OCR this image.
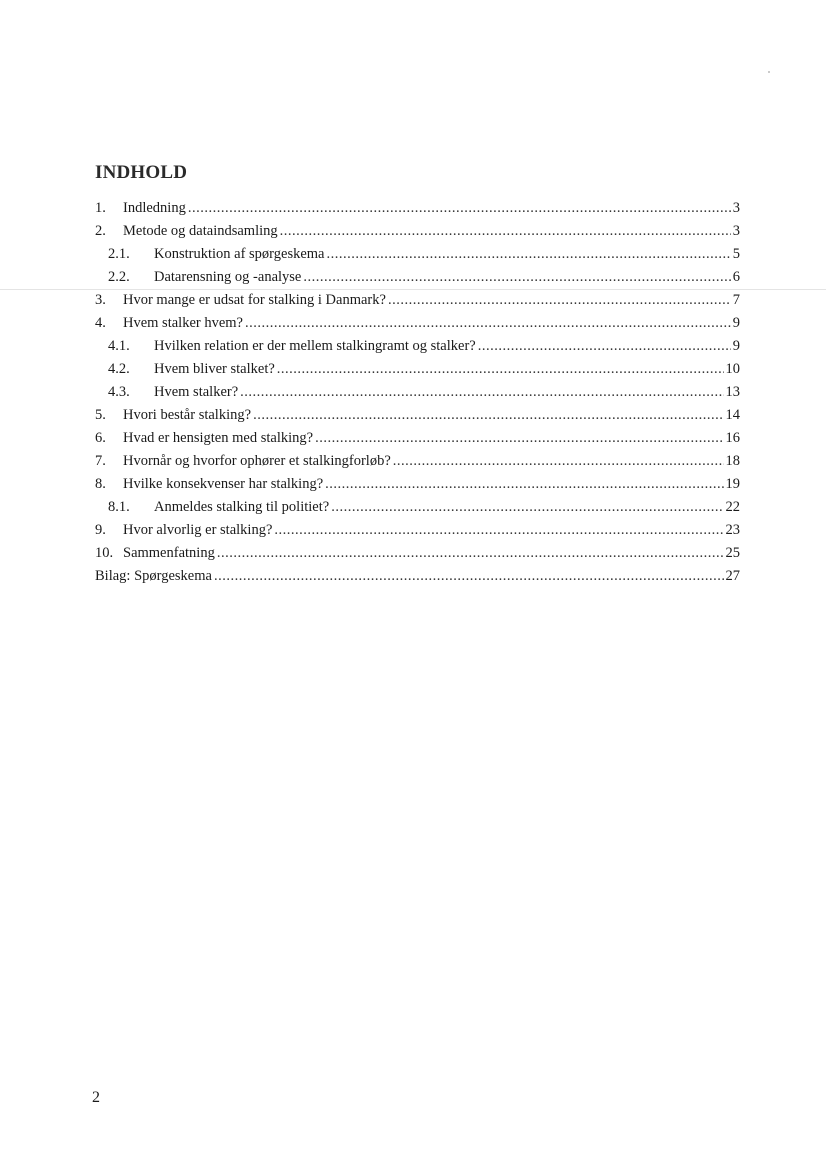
INDHOLD
1.	Indledning .....	3
2.	Metode og dataindsamling .....	3
2.1.	Konstruktion af spørgeskema .....	5
2.2.	Datarensning og -analyse .....	6
3.	Hvor mange er udsat for stalking i Danmark? .....	7
4.	Hvem stalker hvem? .....	9
4.1.	Hvilken relation er der mellem stalkingramt og stalker? .....	9
4.2.	Hvem bliver stalket? .....	10
4.3.	Hvem stalker? .....	13
5.	Hvori består stalking? .....	14
6.	Hvad er hensigten med stalking? .....	16
7.	Hvornår og hvorfor ophører et stalkingforløb? .....	18
8.	Hvilke konsekvenser har stalking? .....	19
8.1.	Anmeldes stalking til politiet? .....	22
9.	Hvor alvorlig er stalking? .....	23
10. Sammenfatning .....	25
Bilag: Spørgeskema .....	27
2
